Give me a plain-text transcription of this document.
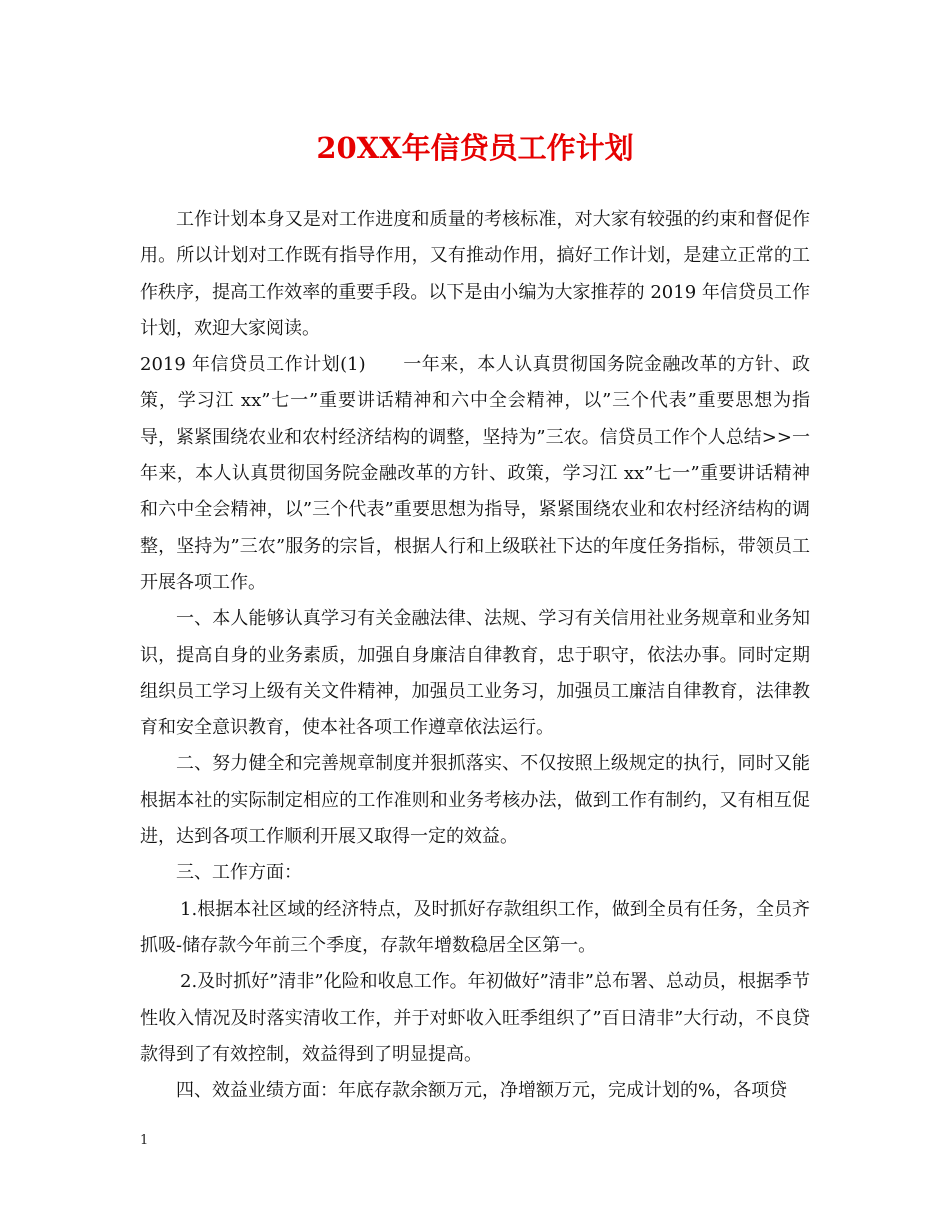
20XX年信贷员工作计划

工作计划本身又是对工作进度和质量的考核标准，对大家有较强的约束和督促作用。所以计划对工作既有指导作用，又有推动作用，搞好工作计划，是建立正常的工作秩序，提高工作效率的重要手段。以下是由小编为大家推荐的 2019 年信贷员工作计划，欢迎大家阅读。

2019 年信贷员工作计划(1)　　一年来，本人认真贯彻国务院金融改革的方针、政策，学习江 xx”七一”重要讲话精神和六中全会精神，以”三个代表”重要思想为指导，紧紧围绕农业和农村经济结构的调整，坚持为”三农。信贷员工作个人总结>>一年来，本人认真贯彻国务院金融改革的方针、政策，学习江 xx”七一”重要讲话精神和六中全会精神，以”三个代表”重要思想为指导，紧紧围绕农业和农村经济结构的调整，坚持为”三农”服务的宗旨，根据人行和上级联社下达的年度任务指标，带领员工开展各项工作。

一、本人能够认真学习有关金融法律、法规、学习有关信用社业务规章和业务知识，提高自身的业务素质，加强自身廉洁自律教育，忠于职守，依法办事。同时定期组织员工学习上级有关文件精神，加强员工业务习，加强员工廉洁自律教育，法律教育和安全意识教育，使本社各项工作遵章依法运行。

二、努力健全和完善规章制度并狠抓落实、不仅按照上级规定的执行，同时又能根据本社的实际制定相应的工作准则和业务考核办法，做到工作有制约，又有相互促进，达到各项工作顺利开展又取得一定的效益。

三、工作方面：

1.根据本社区域的经济特点，及时抓好存款组织工作，做到全员有任务，全员齐抓吸-储存款今年前三个季度，存款年增数稳居全区第一。

2.及时抓好”清非”化险和收息工作。年初做好”清非”总布署、总动员，根据季节性收入情况及时落实清收工作，并于对虾收入旺季组织了”百日清非”大行动，不良贷款得到了有效控制，效益得到了明显提高。

四、效益业绩方面：年底存款余额万元，净增额万元，完成计划的%，各项贷

1
